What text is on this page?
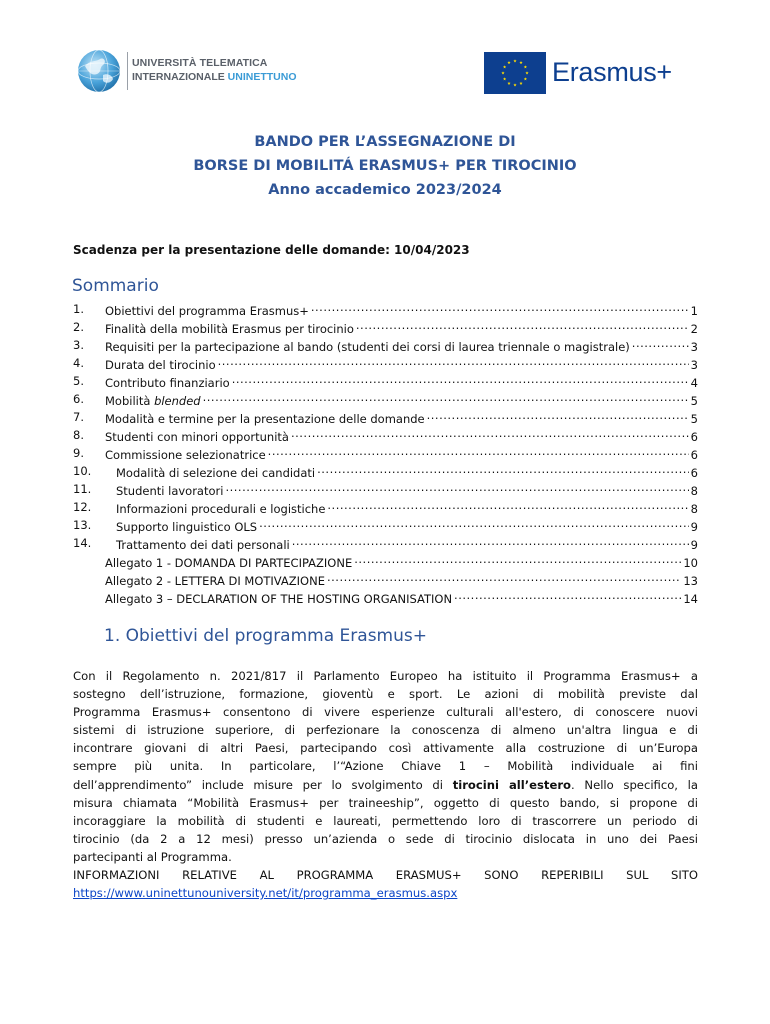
UNIVERSITÀ TELEMATICA
INTERNAZIONALE UNINETTUNO	Erasmus+
BANDO PER L’ASSEGNAZIONE DI
BORSE DI MOBILITÁ ERASMUS+ PER TIROCINIO
Anno accademico 2023/2024
Scadenza per la presentazione delle domande: 10/04/2023
Sommario
1. Obiettivi del programma Erasmus+ .....	1
2. Finalità della mobilità Erasmus per tirocinio .....	2
3. Requisiti per la partecipazione al bando (studenti dei corsi di laurea triennale o magistrale) .....	3
4. Durata del tirocinio .....	3
5. Contributo finanziario .....	4
6. Mobilità blended .....	5
7. Modalità e termine per la presentazione delle domande .....	5
8. Studenti con minori opportunità .....	6
9. Commissione selezionatrice .....	6
10. Modalità di selezione dei candidati .....	6
11. Studenti lavoratori .....	8
12. Informazioni procedurali e logistiche .....	8
13. Supporto linguistico OLS .....	9
14. Trattamento dei dati personali .....	9
Allegato 1 - DOMANDA DI PARTECIPAZIONE .....	10
Allegato 2 - LETTERA DI MOTIVAZIONE .....	13
Allegato 3 – DECLARATION OF THE HOSTING ORGANISATION .....	14
1. Obiettivi del programma Erasmus+
Con il Regolamento n. 2021/817 il Parlamento Europeo ha istituito il Programma Erasmus+ a
sostegno dell’istruzione, formazione, gioventù e sport. Le azioni di mobilità previste dal
Programma Erasmus+ consentono di vivere esperienze culturali all'estero, di conoscere nuovi
sistemi di istruzione superiore, di perfezionare la conoscenza di almeno un'altra lingua e di
incontrare giovani di altri Paesi, partecipando così attivamente alla costruzione di un’Europa
sempre più unita. In particolare, l’“Azione Chiave 1 – Mobilità individuale ai fini
dell’apprendimento” include misure per lo svolgimento di tirocini all’estero. Nello specifico, la
misura chiamata “Mobilità Erasmus+ per traineeship”, oggetto di questo bando, si propone di
incoraggiare la mobilità di studenti e laureati, permettendo loro di trascorrere un periodo di
tirocinio (da 2 a 12 mesi) presso un’azienda o sede di tirocinio dislocata in uno dei Paesi
partecipanti al Programma.
INFORMAZIONI RELATIVE AL PROGRAMMA ERASMUS+ SONO REPERIBILI SUL SITO
https://www.uninettunouniversity.net/it/programma_erasmus.aspx
